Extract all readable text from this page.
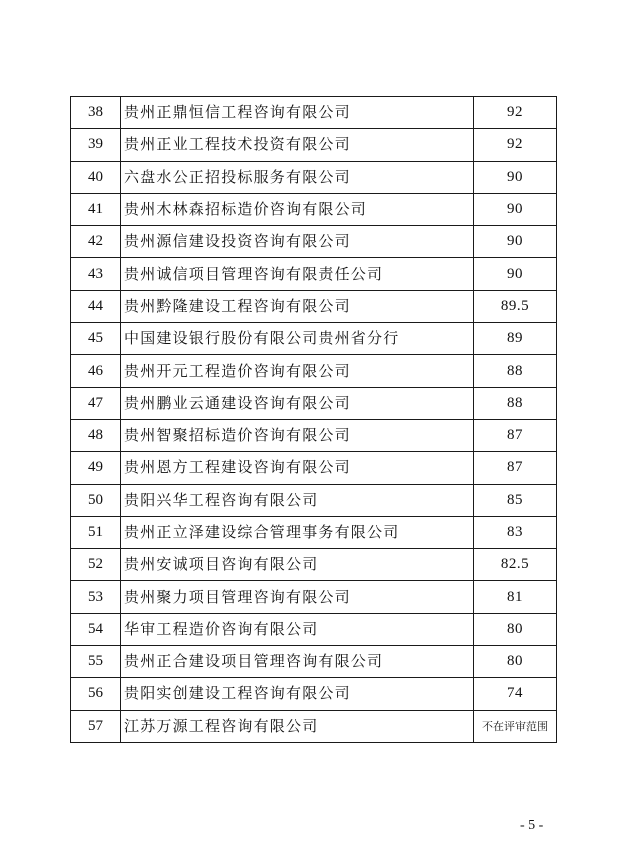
38	贵州正鼎恒信工程咨询有限公司	92
39	贵州正业工程技术投资有限公司	92
40	六盘水公正招投标服务有限公司	90
41	贵州木林森招标造价咨询有限公司	90
42	贵州源信建设投资咨询有限公司	90
43	贵州诚信项目管理咨询有限责任公司	90
44	贵州黔隆建设工程咨询有限公司	89.5
45	中国建设银行股份有限公司贵州省分行	89
46	贵州开元工程造价咨询有限公司	88
47	贵州鹏业云通建设咨询有限公司	88
48	贵州智聚招标造价咨询有限公司	87
49	贵州恩方工程建设咨询有限公司	87
50	贵阳兴华工程咨询有限公司	85
51	贵州正立泽建设综合管理事务有限公司	83
52	贵州安诚项目咨询有限公司	82.5
53	贵州聚力项目管理咨询有限公司	81
54	华审工程造价咨询有限公司	80
55	贵州正合建设项目管理咨询有限公司	80
56	贵阳实创建设工程咨询有限公司	74
57	江苏万源工程咨询有限公司	不在评审范围
- 5 -
